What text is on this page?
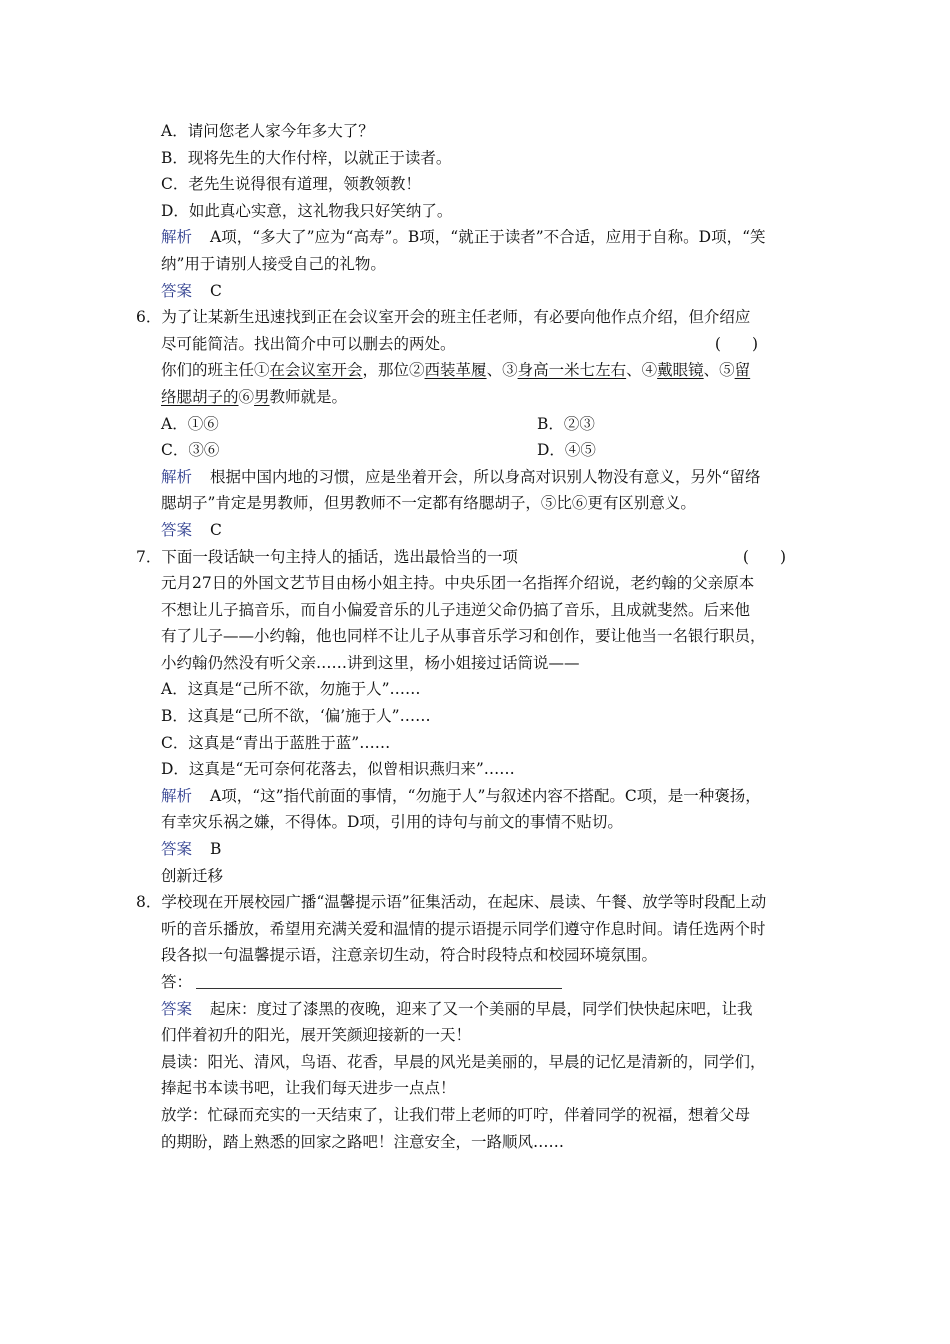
A．请问您老人家今年多大了？
B．现将先生的大作付梓，以就正于读者。
C．老先生说得很有道理，领教领教！
D．如此真心实意，这礼物我只好笑纳了。
解析 A项，“多大了”应为“高寿”。B项，“就正于读者”不合适，应用于自称。D项，“笑
纳”用于请别人接受自己的礼物。
答案 C
6．为了让某新生迅速找到正在会议室开会的班主任老师，有必要向他作点介绍，但介绍应
尽可能简洁。找出简介中可以删去的两处。	(　　)
你们的班主任①在会议室开会，那位②西装革履、③身高一米七左右、④戴眼镜、⑤留
络腮胡子的⑥男教师就是。
A．①⑥	B．②③
C．③⑥	D．④⑤
解析 根据中国内地的习惯，应是坐着开会，所以身高对识别人物没有意义，另外“留络
腮胡子”肯定是男教师，但男教师不一定都有络腮胡子，⑤比⑥更有区别意义。
答案 C
7．下面一段话缺一句主持人的插话，选出最恰当的一项	(　　)
元月27日的外国文艺节目由杨小姐主持。中央乐团一名指挥介绍说，老约翰的父亲原本
不想让儿子搞音乐，而自小偏爱音乐的儿子违逆父命仍搞了音乐，且成就斐然。后来他
有了儿子——小约翰，他也同样不让儿子从事音乐学习和创作，要让他当一名银行职员，
小约翰仍然没有听父亲……讲到这里，杨小姐接过话筒说——
A．这真是“己所不欲，勿施于人”……
B．这真是“己所不欲，‘偏’施于人”……
C．这真是“青出于蓝胜于蓝”……
D．这真是“无可奈何花落去，似曾相识燕归来”……
解析 A项，“这”指代前面的事情，“勿施于人”与叙述内容不搭配。C项，是一种褒扬，
有幸灾乐祸之嫌，不得体。D项，引用的诗句与前文的事情不贴切。
答案 B
创新迁移
8．学校现在开展校园广播“温馨提示语”征集活动，在起床、晨读、午餐、放学等时段配上动
听的音乐播放，希望用充满关爱和温情的提示语提示同学们遵守作息时间。请任选两个时
段各拟一句温馨提示语，注意亲切生动，符合时段特点和校园环境氛围。
答：
答案 起床：度过了漆黑的夜晚，迎来了又一个美丽的早晨，同学们快快起床吧，让我
们伴着初升的阳光，展开笑颜迎接新的一天！
晨读：阳光、清风，鸟语、花香，早晨的风光是美丽的，早晨的记忆是清新的，同学们，
捧起书本读书吧，让我们每天进步一点点！
放学：忙碌而充实的一天结束了，让我们带上老师的叮咛，伴着同学的祝福，想着父母
的期盼，踏上熟悉的回家之路吧！注意安全，一路顺风……
